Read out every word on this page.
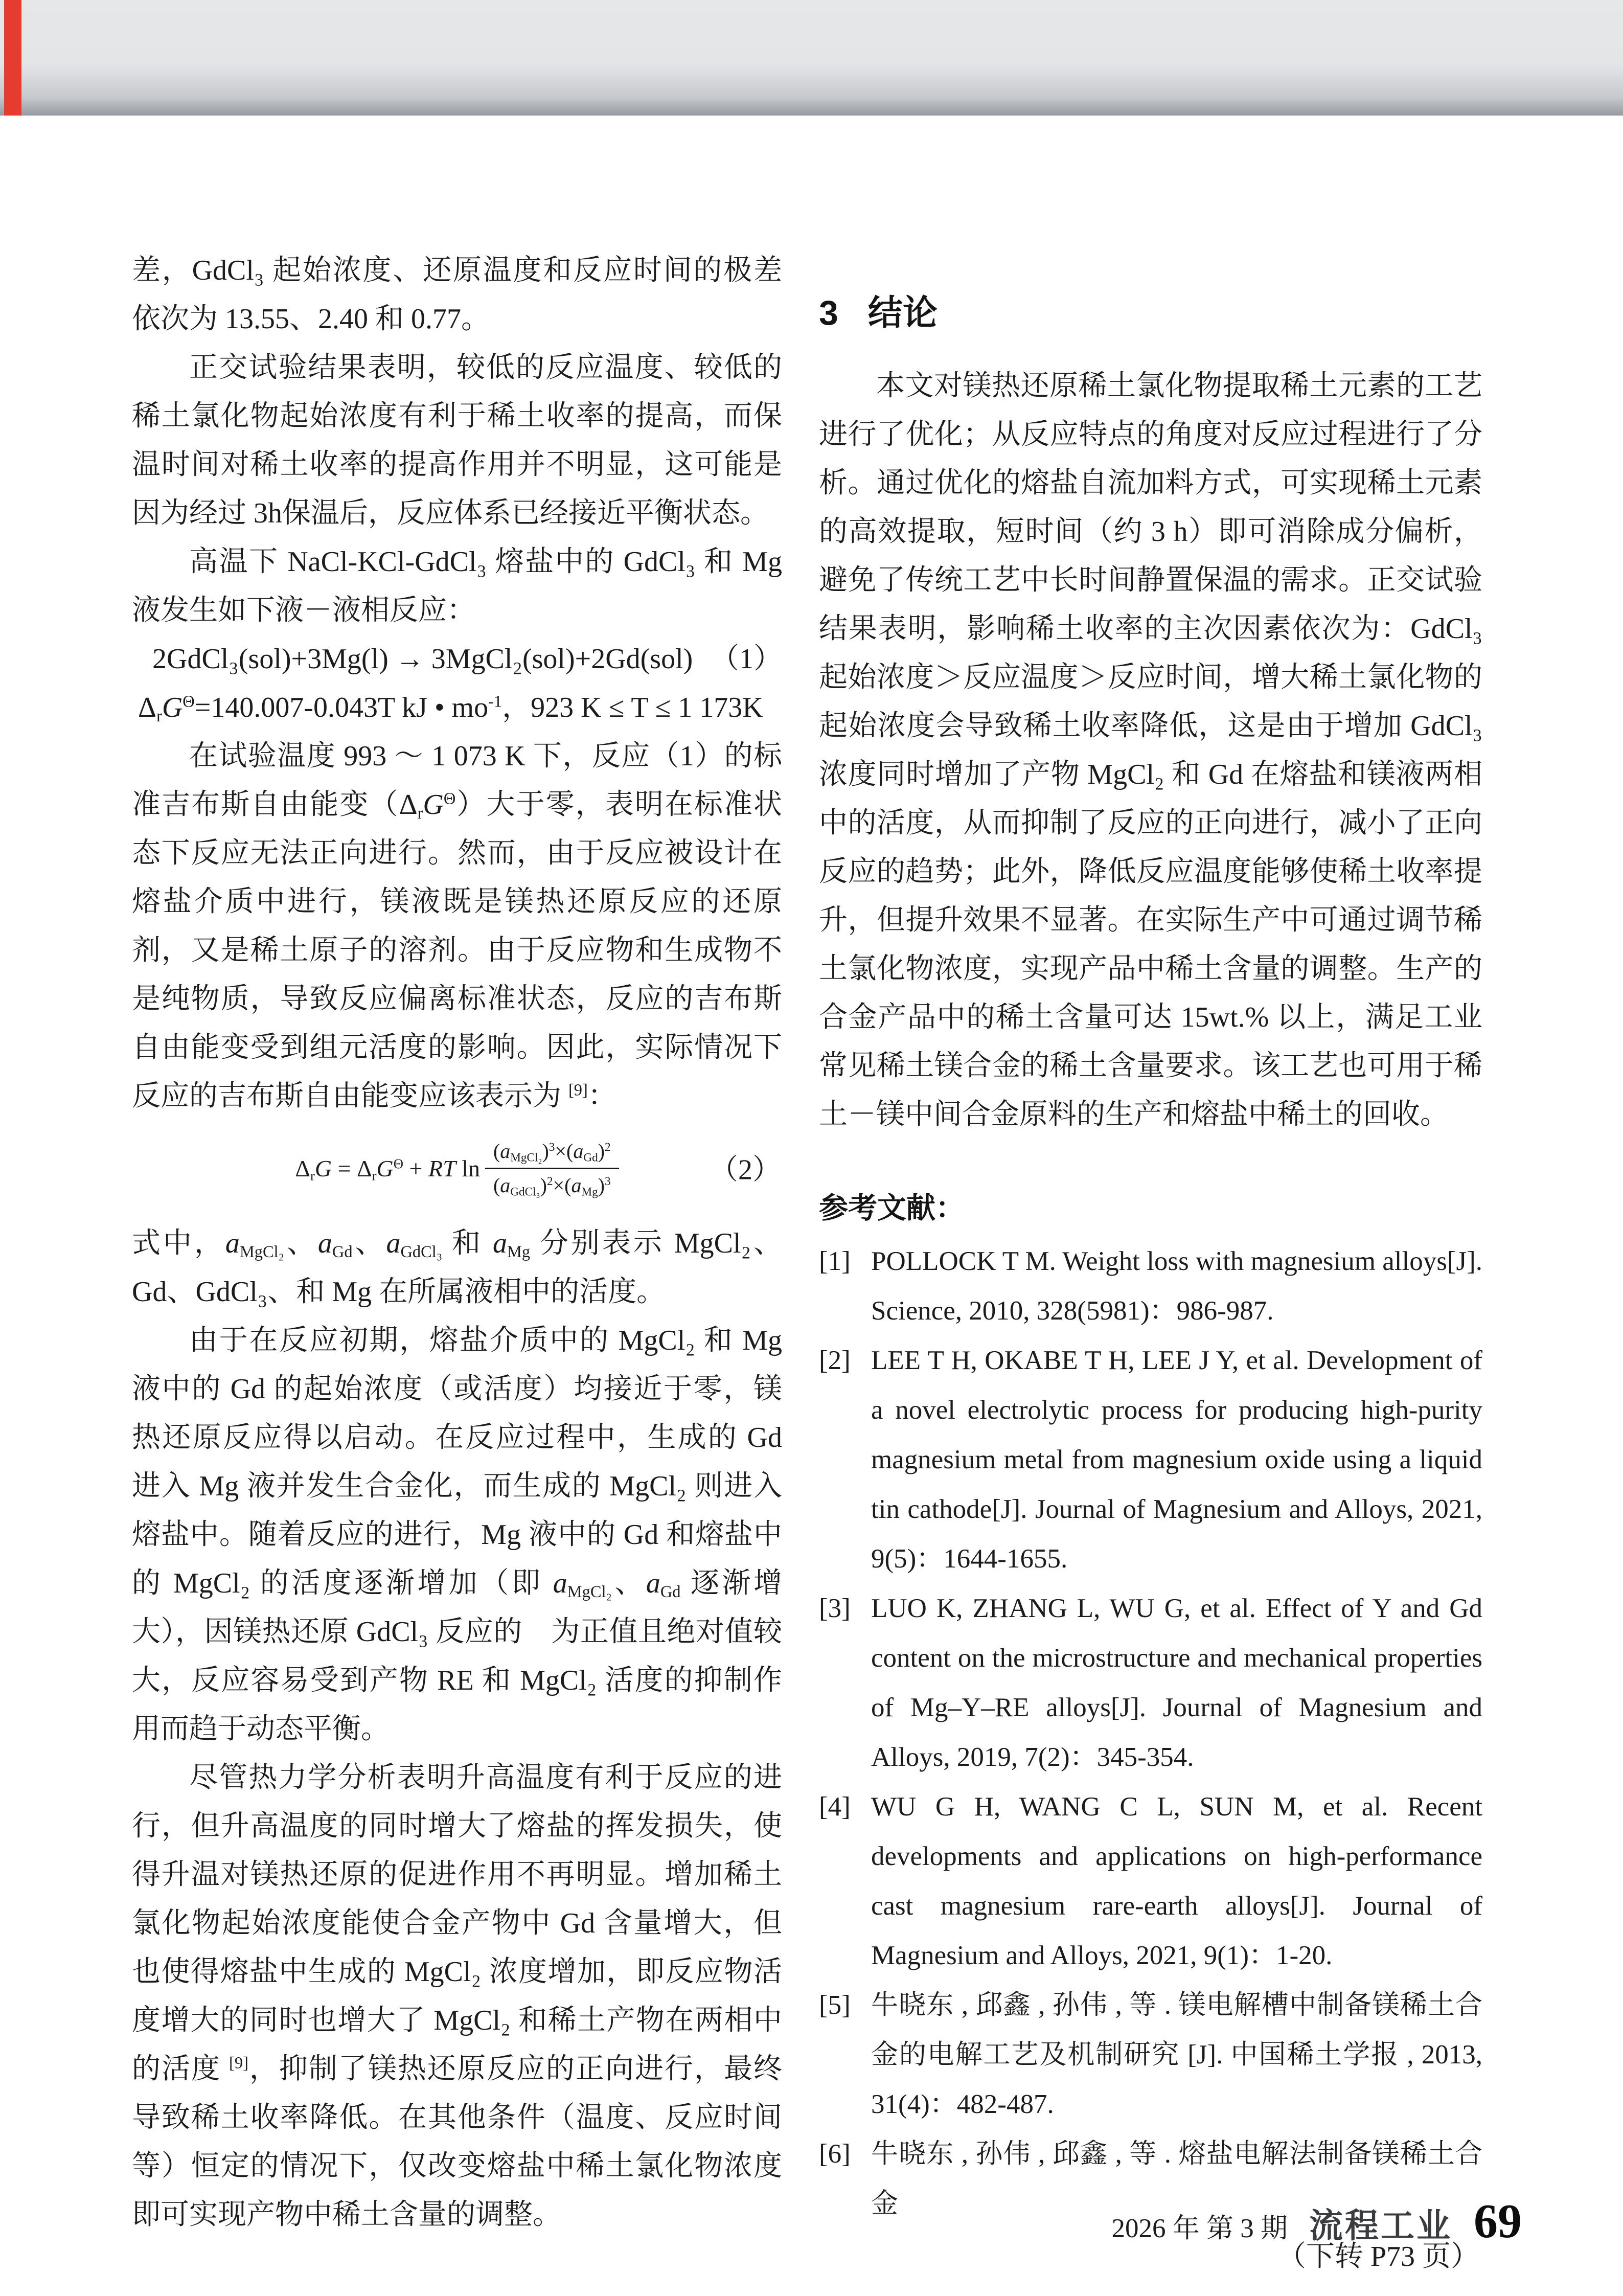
差，GdCl₃ 起始浓度、还原温度和反应时间的极差依次为 13.55、2.40 和 0.77。

正交试验结果表明，较低的反应温度、较低的稀土氯化物起始浓度有利于稀土收率的提高，而保温时间对稀土收率的提高作用并不明显，这可能是因为经过 3h保温后，反应体系已经接近平衡状态。

高温下 NaCl-KCl-GdCl₃ 熔盐中的 GdCl₃ 和 Mg 液发生如下液－液相反应：

2GdCl₃(sol)+3Mg(l) → 3MgCl₂(sol)+2Gd(sol) （1）

ΔrG$^\Theta$=140.007-0.043T kJ • $mo^{-1}$，923 K ≤ T ≤ 1 173K

在试验温度 993 ～ 1 073 K 下，反应（1）的标准吉布斯自由能变（ΔrG$^\Theta$）大于零，表明在标准状态下反应无法正向进行。然而，由于反应被设计在熔盐介质中进行，镁液既是镁热还原反应的还原剂，又是稀土原子的溶剂。由于反应物和生成物不是纯物质，导致反应偏离标准状态，反应的吉布斯自由能变受到组元活度的影响。因此，实际情况下反应的吉布斯自由能变应该表示为 [9]：

ΔrG = ΔrG$^\Theta$ + RT $\ln \frac{(aMgCl_2)^3\times(aGd)^2}{(aGdCl_3)^2\times(aMg)^3}$	（2）

式中，aMgCl₂、aGd、aGdCl₃ 和 aMg 分别表示 MgCl₂、Gd、GdCl₃、和 Mg 在所属液相中的活度。

由于在反应初期，熔盐介质中的 MgCl₂ 和 Mg 液中的 Gd 的起始浓度（或活度）均接近于零，镁热还原反应得以启动。在反应过程中，生成的 Gd 进入 Mg 液并发生合金化，而生成的 MgCl₂ 则进入熔盐中。随着反应的进行，Mg 液中的 Gd 和熔盐中的 MgCl₂ 的活度逐渐增加（即 aMgCl₂、aGd 逐渐增大），因镁热还原 GdCl₃ 反应的　为正值且绝对值较大，反应容易受到产物 RE 和 MgCl₂ 活度的抑制作用而趋于动态平衡。

尽管热力学分析表明升高温度有利于反应的进行，但升高温度的同时增大了熔盐的挥发损失，使得升温对镁热还原的促进作用不再明显。增加稀土氯化物起始浓度能使合金产物中 Gd 含量增大，但也使得熔盐中生成的 MgCl₂ 浓度增加，即反应物活度增大的同时也增大了 MgCl₂ 和稀土产物在两相中的活度 [9]，抑制了镁热还原反应的正向进行，最终导致稀土收率降低。在其他条件（温度、反应时间等）恒定的情况下，仅改变熔盐中稀土氯化物浓度即可实现产物中稀土含量的调整。

3 结论

本文对镁热还原稀土氯化物提取稀土元素的工艺进行了优化；从反应特点的角度对反应过程进行了分析。通过优化的熔盐自流加料方式，可实现稀土元素的高效提取，短时间（约 3 h）即可消除成分偏析，避免了传统工艺中长时间静置保温的需求。正交试验结果表明，影响稀土收率的主次因素依次为：GdCl₃ 起始浓度＞反应温度＞反应时间，增大稀土氯化物的起始浓度会导致稀土收率降低，这是由于增加 GdCl₃ 浓度同时增加了产物 MgCl₂ 和 Gd 在熔盐和镁液两相中的活度，从而抑制了反应的正向进行，减小了正向反应的趋势；此外，降低反应温度能够使稀土收率提升，但提升效果不显著。在实际生产中可通过调节稀土氯化物浓度，实现产品中稀土含量的调整。生产的合金产品中的稀土含量可达 15wt.% 以上，满足工业常见稀土镁合金的稀土含量要求。该工艺也可用于稀土－镁中间合金原料的生产和熔盐中稀土的回收。

参考文献：
[1] POLLOCK T M. Weight loss with magnesium alloys[J]. Science, 2010, 328(5981)：986-987.
[2] LEE T H, OKABE T H, LEE J Y, et al. Development of a novel electrolytic process for producing high-purity magnesium metal from magnesium oxide using a liquid tin cathode[J]. Journal of Magnesium and Alloys, 2021, 9(5)：1644-1655.
[3] LUO K, ZHANG L, WU G, et al. Effect of Y and Gd content on the microstructure and mechanical properties of Mg–Y–RE alloys[J]. Journal of Magnesium and Alloys, 2019, 7(2)：345-354.
[4] WU G H, WANG C L, SUN M, et al. Recent developments and applications on high-performance cast magnesium rare-earth alloys[J]. Journal of Magnesium and Alloys, 2021, 9(1)：1-20.
[5] 牛晓东 , 邱鑫 , 孙伟 , 等 . 镁电解槽中制备镁稀土合金的电解工艺及机制研究 [J]. 中国稀土学报 , 2013, 31(4)：482-487.
[6] 牛晓东 , 孙伟 , 邱鑫 , 等 . 熔盐电解法制备镁稀土合金
（下转 P73 页）
2026 年 第 3 期 流程工业 69
